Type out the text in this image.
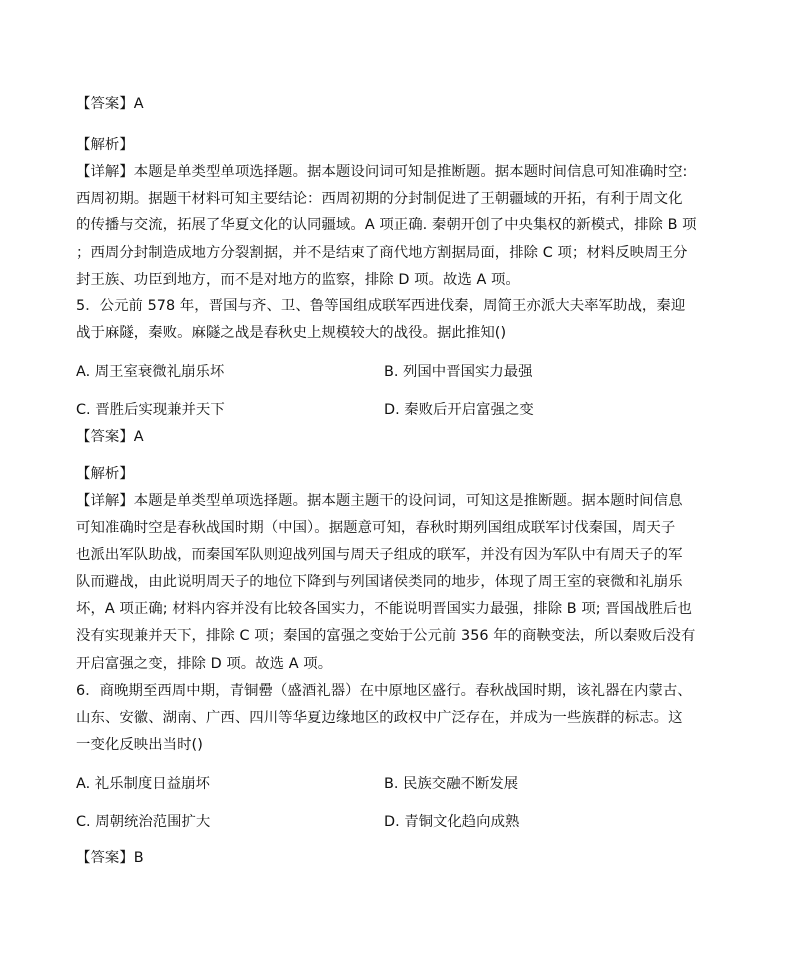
【答案】A
【解析】
【详解】本题是单类型单项选择题。据本题设问词可知是推断题。据本题时间信息可知准确时空:
西周初期。据题干材料可知主要结论：西周初期的分封制促进了王朝疆域的开拓，有利于周文化
的传播与交流，拓展了华夏文化的认同疆域。A 项正确. 秦朝开创了中央集权的新模式，排除 B 项
；西周分封制造成地方分裂割据，并不是结束了商代地方割据局面，排除 C 项；材料反映周王分
封王族、功臣到地方，而不是对地方的监察，排除 D 项。故选 A 项。
5．公元前 578 年，晋国与齐、卫、鲁等国组成联军西进伐秦，周简王亦派大夫率军助战，秦迎
战于麻隧，秦败。麻隧之战是春秋史上规模较大的战役。据此推知()
A. 周王室衰微礼崩乐坏	B. 列国中晋国实力最强
C. 晋胜后实现兼并天下	D. 秦败后开启富强之变
【答案】A
【解析】
【详解】本题是单类型单项选择题。据本题主题干的设问词，可知这是推断题。据本题时间信息
可知准确时空是春秋战国时期（中国）。据题意可知，春秋时期列国组成联军讨伐秦国，周天子
也派出军队助战，而秦国军队则迎战列国与周天子组成的联军，并没有因为军队中有周天子的军
队而避战，由此说明周天子的地位下降到与列国诸侯类同的地步，体现了周王室的衰微和礼崩乐
坏，A 项正确; 材料内容并没有比较各国实力，不能说明晋国实力最强，排除 B 项; 晋国战胜后也
没有实现兼并天下，排除 C 项；秦国的富强之变始于公元前 356 年的商鞅变法，所以秦败后没有
开启富强之变，排除 D 项。故选 A 项。
6．商晚期至西周中期，青铜罍（盛酒礼器）在中原地区盛行。春秋战国时期，该礼器在内蒙古、
山东、安徽、湖南、广西、四川等华夏边缘地区的政权中广泛存在，并成为一些族群的标志。这
一变化反映出当时()
A. 礼乐制度日益崩坏	B. 民族交融不断发展
C. 周朝统治范围扩大	D. 青铜文化趋向成熟
【答案】B
